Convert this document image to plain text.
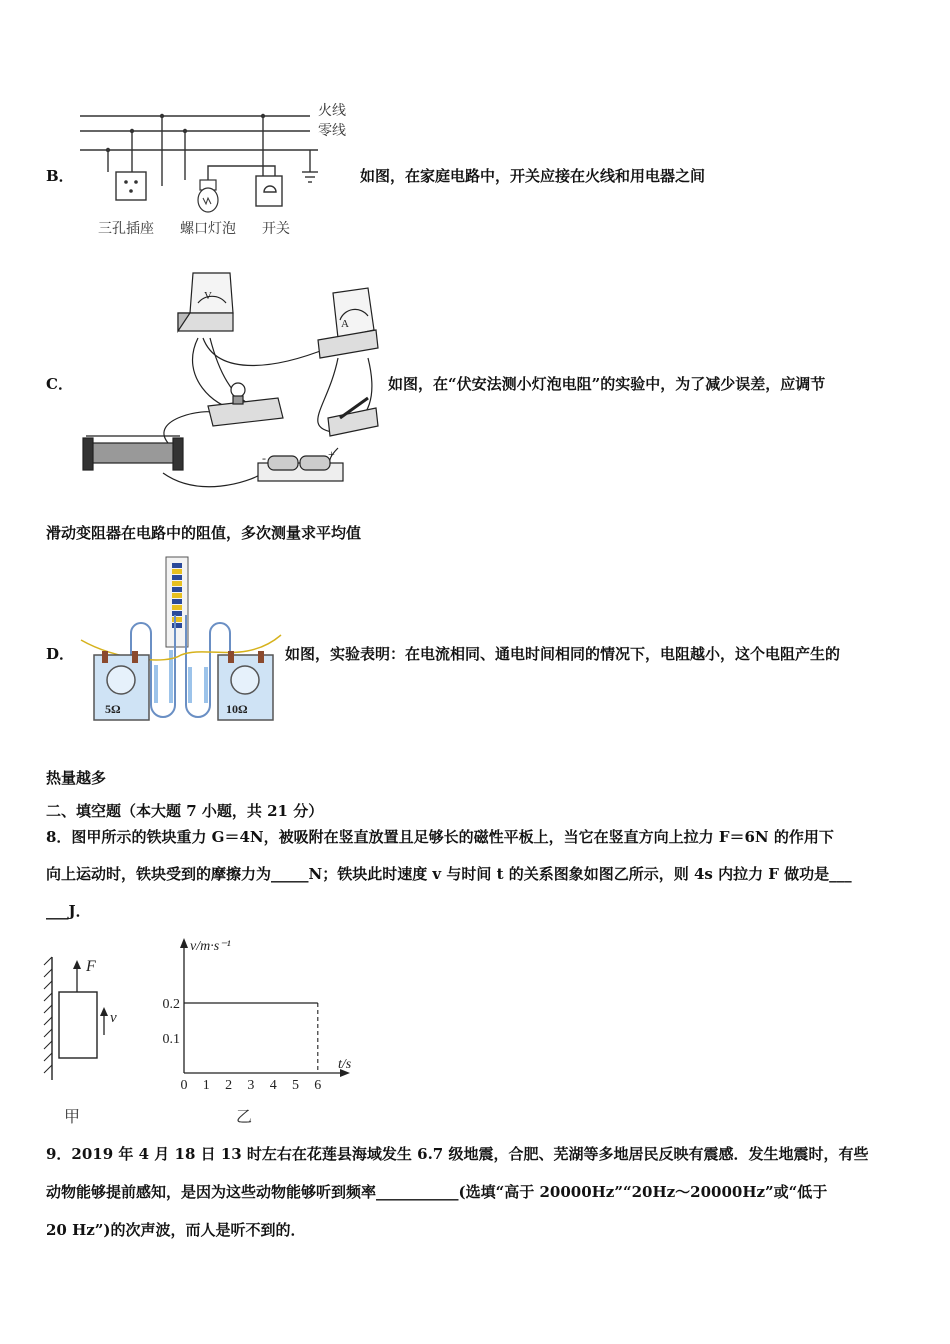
B．
火线
零线
三孔插座 螺口灯泡 开关
如图，在家庭电路中，开关应接在火线和用电器之间
C．
V
A
-	+
如图，在“伏安法测小灯泡电阻”的实验中，为了减少误差，应调节
滑动变阻器在电路中的阻值，多次测量求平均值
D．
5Ω	10Ω
如图，实验表明：在电流相同、通电时间相同的情况下，电阻越小，这个电阻产生的
热量越多
二、填空题（本大题 7 小题，共 21 分）
8．图甲所示的铁块重力 G＝4N，被吸附在竖直放置且足够长的磁性平板上，当它在竖直方向上拉力 F＝6N 的作用下
向上运动时，铁块受到的摩擦力为_____N；铁块此时速度 v 与时间 t 的关系图象如图乙所示，则 4s 内拉力 F 做功是___
___J．
F
v
甲
0 1 2 3 4 5 6
0.1
0.2
v/m·s⁻¹
t/s
乙
9．2019 年 4 月 18 日 13 时左右在花莲县海域发生 6.7 级地震，合肥、芜湖等多地居民反映有震感．发生地震时，有些
动物能够提前感知，是因为这些动物能够听到频率___________(选填“高于 20000Hz”“20Hz～20000Hz”或“低于
20 Hz”)的次声波，而人是听不到的．
